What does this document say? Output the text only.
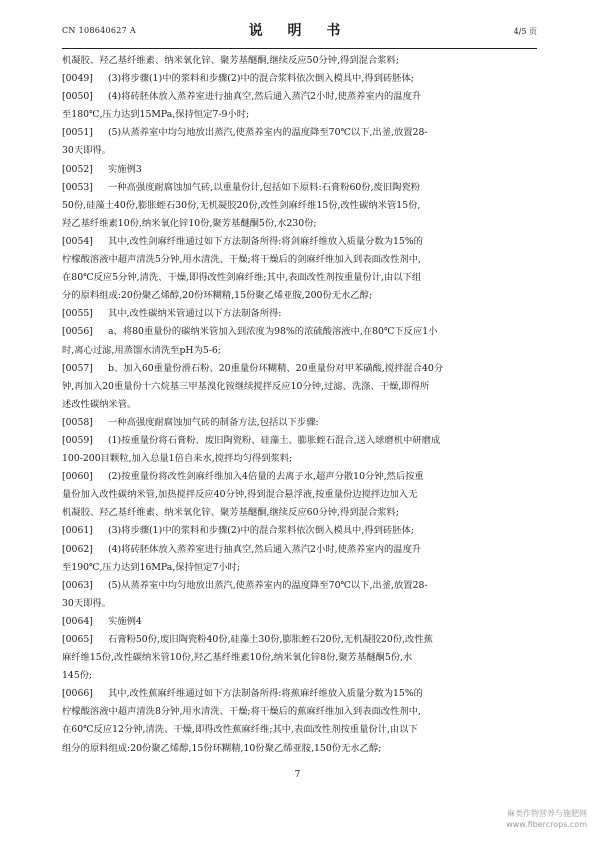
CN 108640627 A	说 明 书	4/5 页
机凝胶、羟乙基纤维素、纳米氧化锌、聚芳基醚酮,继续反应50分钟,得到混合浆料;
[0049] (3)将步骤(1)中的浆料和步骤(2)中的混合浆料依次倒入模具中,得到砖胚体;
[0050] (4)将砖胚体放入蒸养室进行抽真空,然后通入蒸汽2小时,使蒸养室内的温度升
至180℃,压力达到15MPa,保持恒定7-9小时;
[0051] (5)从蒸养室中均匀地放出蒸汽,使蒸养室内的温度降至70℃以下,出釜,放置28-
30天即得。
[0052] 实施例3
[0053] 一种高强度耐腐蚀加气砖,以重量份计,包括如下原料:石膏粉60份,废旧陶瓷粉
50份,硅藻土40份,膨胀蛭石30份,无机凝胶20份,改性剑麻纤维15份,改性碳纳米管15份,
羟乙基纤维素10份,纳米氧化锌10份,聚芳基醚酮5份,水230份;
[0054] 其中,改性剑麻纤维通过如下方法制备所得:将剑麻纤维放入质量分数为15%的
柠檬酸溶液中超声清洗5分钟,用水清洗、干燥;将干燥后的剑麻纤维加入到表面改性剂中,
在80℃反应5分钟,清洗、干燥,即得改性剑麻纤维;其中,表面改性剂按重量份计,由以下组
分的原料组成:20份聚乙烯醇,20份环糊精,15份聚乙烯亚胺,200份无水乙醇;
[0055] 其中,改性碳纳米管通过以下方法制备所得:
[0056] a、将80重量份的碳纳米管加入到浓度为98%的浓硫酸溶液中,在80℃下反应1小
时,离心过滤,用蒸馏水清洗至pH为5-6;
[0057] b、加入60重量份滑石粉、20重量份环糊精、20重量份对甲苯磺酸,搅拌混合40分
钟,再加入20重量份十六烷基三甲基溴化铵继续搅拌反应10分钟,过滤、洗涤、干燥,即得所
述改性碳纳米管。
[0058] 一种高强度耐腐蚀加气砖的制备方法,包括以下步骤:
[0059] (1)按重量份将石膏粉、废旧陶瓷粉、硅藻土、膨胀蛭石混合,送入球磨机中研磨成
100-200目颗粒,加入总量1倍自来水,搅拌均匀得到浆料;
[0060] (2)按重量份将改性剑麻纤维加入4倍量的去离子水,超声分散10分钟,然后按重
量份加入改性碳纳米管,加热搅拌反应40分钟,得到混合悬浮液,按重量份边搅拌边加入无
机凝胶、羟乙基纤维素、纳米氧化锌、聚芳基醚酮,继续反应60分钟,得到混合浆料;
[0061] (3)将步骤(1)中的浆料和步骤(2)中的混合浆料依次倒入模具中,得到砖胚体;
[0062] (4)将砖胚体放入蒸养室进行抽真空,然后通入蒸汽2小时,使蒸养室内的温度升
至190℃,压力达到16MPa,保持恒定7小时;
[0063] (5)从蒸养室中均匀地放出蒸汽,使蒸养室内的温度降至70℃以下,出釜,放置28-
30天即得。
[0064] 实施例4
[0065] 石膏粉50份,废旧陶瓷粉40份,硅藻土30份,膨胀蛭石20份,无机凝胶20份,改性蕉
麻纤维15份,改性碳纳米管10份,羟乙基纤维素10份,纳米氧化锌8份,聚芳基醚酮5份,水
145份;
[0066] 其中,改性蕉麻纤维通过如下方法制备所得:将蕉麻纤维放入质量分数为15%的
柠檬酸溶液中超声清洗8分钟,用水清洗、干燥;将干燥后的蕉麻纤维加入到表面改性剂中,
在60℃反应12分钟,清洗、干燥,即得改性蕉麻纤维;其中,表面改性剂按重量份计,由以下
组分的原料组成:20份聚乙烯醇,15份环糊精,10份聚乙烯亚胺,150份无水乙醇;
7
麻类作物营养与施肥网
www.fibercrops.com
